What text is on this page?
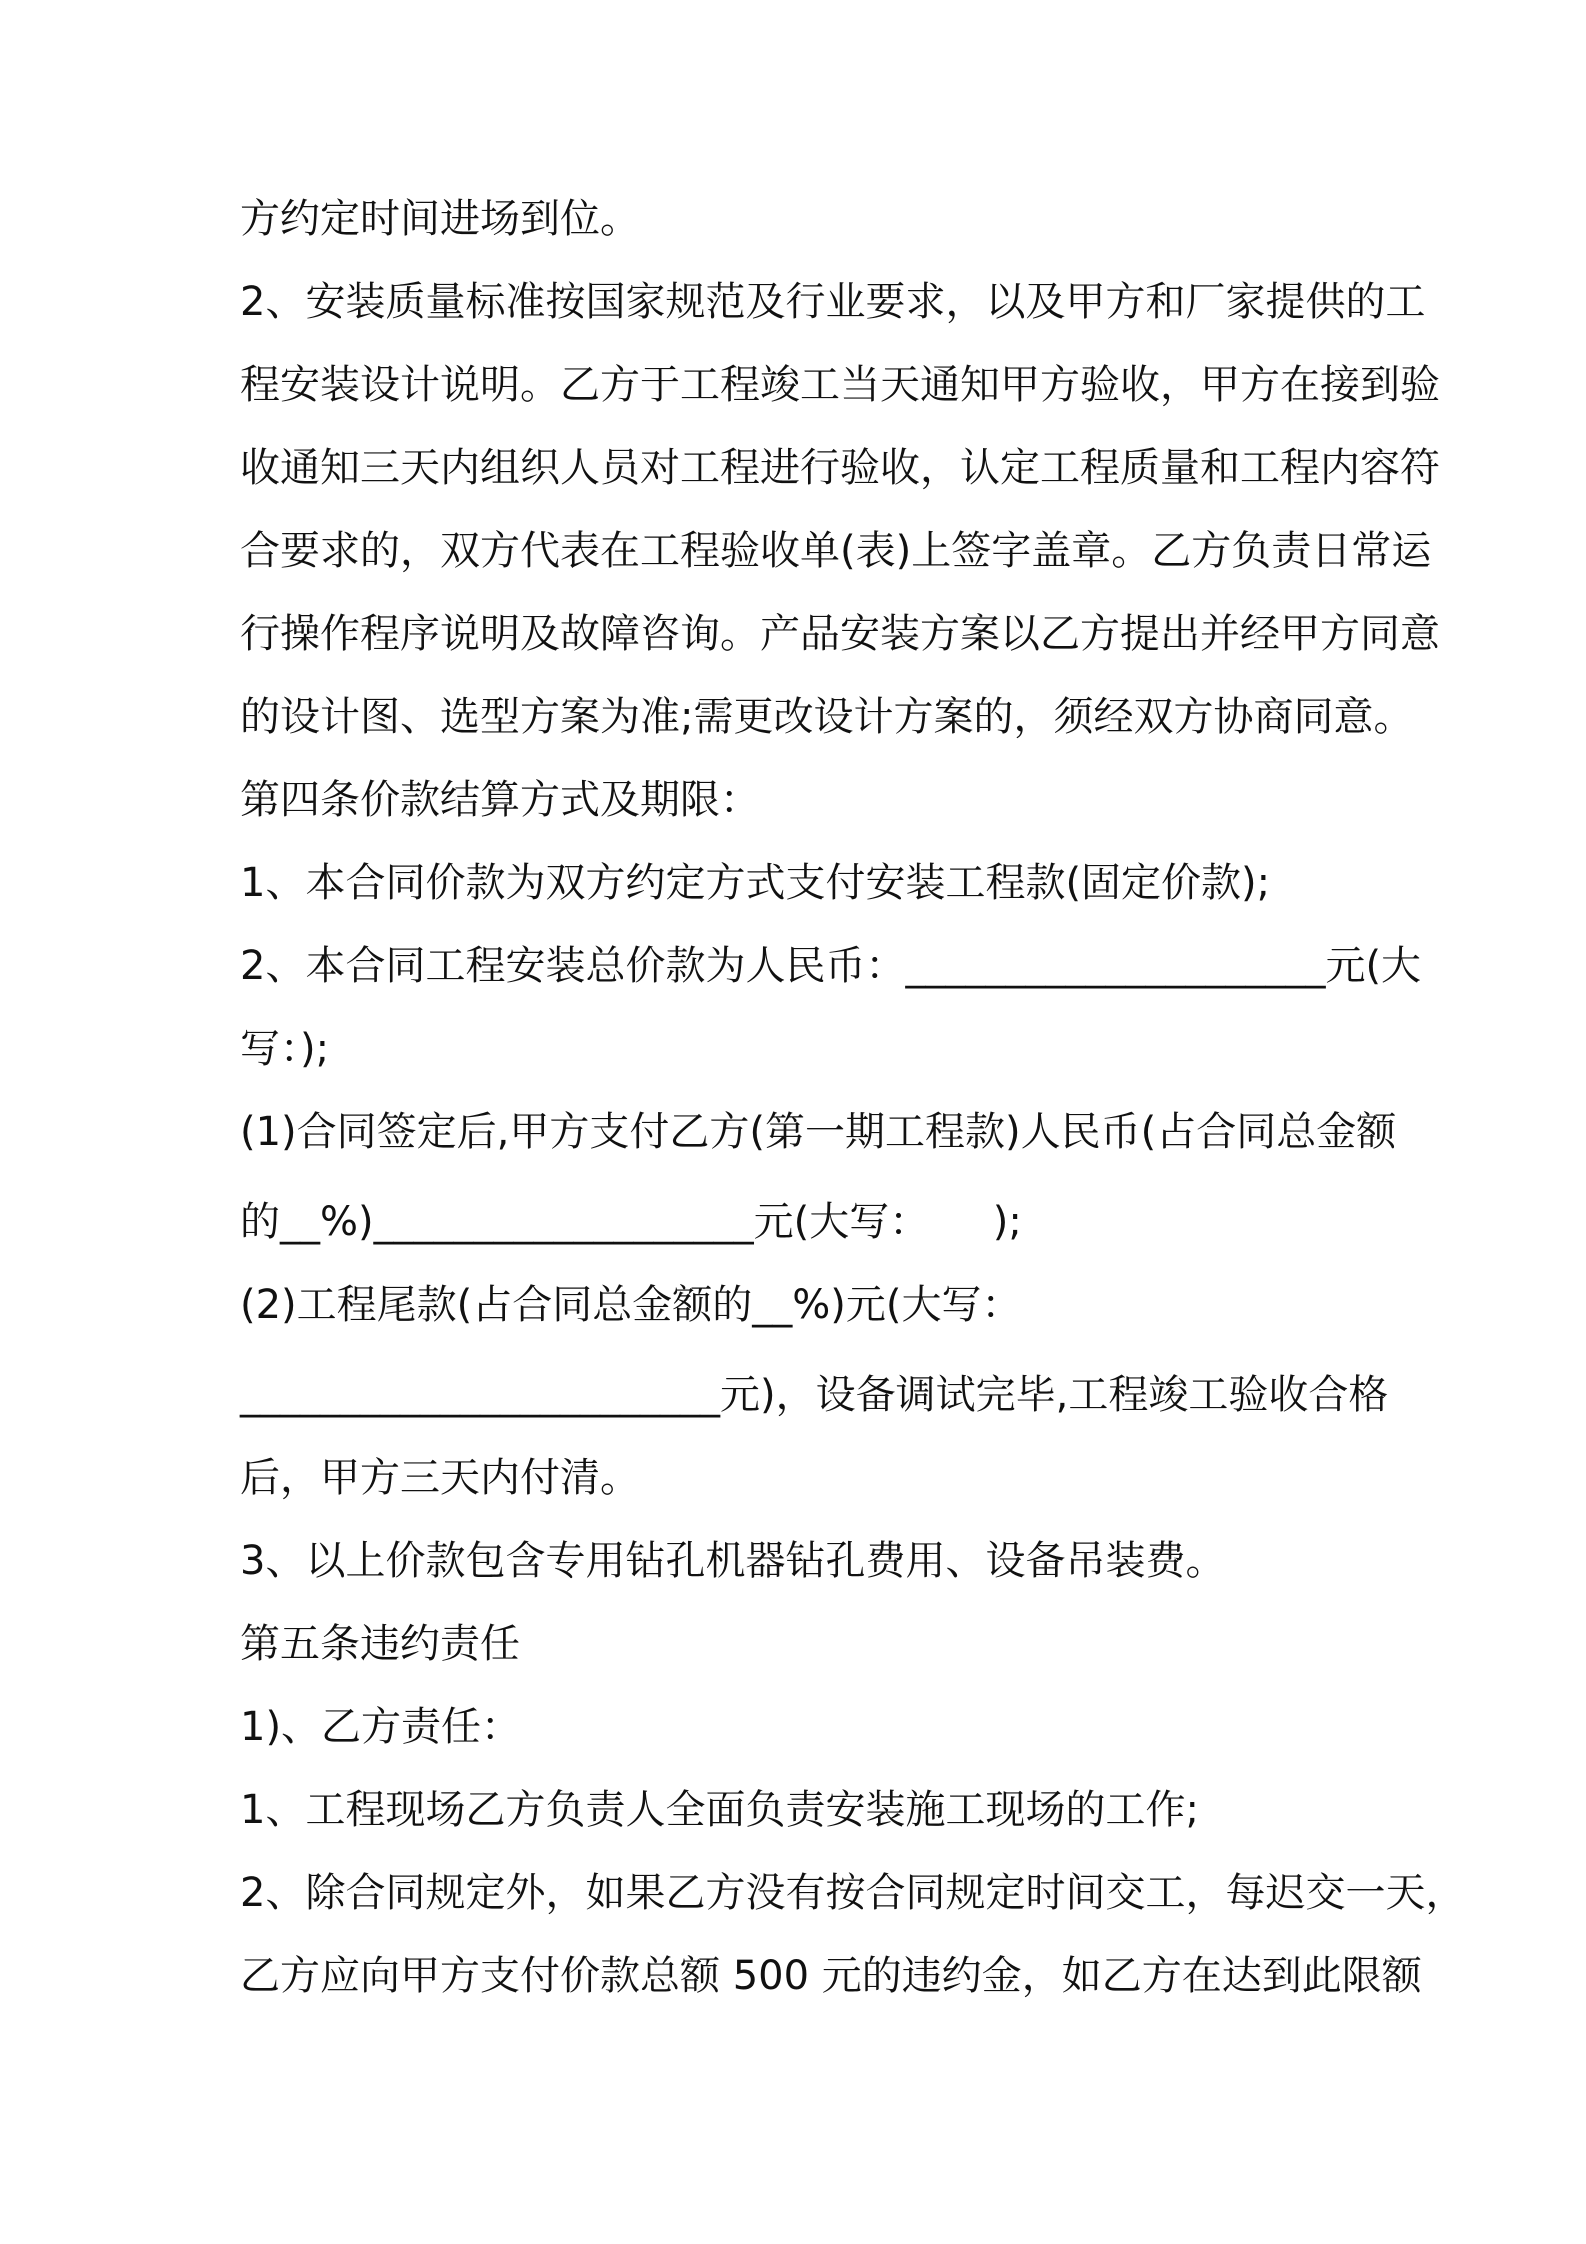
方约定时间进场到位。
2、安装质量标准按国家规范及行业要求，以及甲方和厂家提供的工
程安装设计说明。乙方于工程竣工当天通知甲方验收，甲方在接到验
收通知三天内组织人员对工程进行验收，认定工程质量和工程内容符
合要求的，双方代表在工程验收单(表)上签字盖章。乙方负责日常运
行操作程序说明及故障咨询。产品安装方案以乙方提出并经甲方同意
的设计图、选型方案为准;需更改设计方案的，须经双方协商同意。
第四条价款结算方式及期限：
1、本合同价款为双方约定方式支付安装工程款(固定价款);
2、本合同工程安装总价款为人民币：_____________________元(大
写：);
(1)合同签定后,甲方支付乙方(第一期工程款)人民币(占合同总金额
的__%)___________________元(大写：     );
(2)工程尾款(占合同总金额的__%)元(大写：
________________________元)，设备调试完毕,工程竣工验收合格
后，甲方三天内付清。
3、以上价款包含专用钻孔机器钻孔费用、设备吊装费。
第五条违约责任
1)、乙方责任：
1、工程现场乙方负责人全面负责安装施工现场的工作;
2、除合同规定外，如果乙方没有按合同规定时间交工，每迟交一天，
乙方应向甲方支付价款总额 500 元的违约金，如乙方在达到此限额
